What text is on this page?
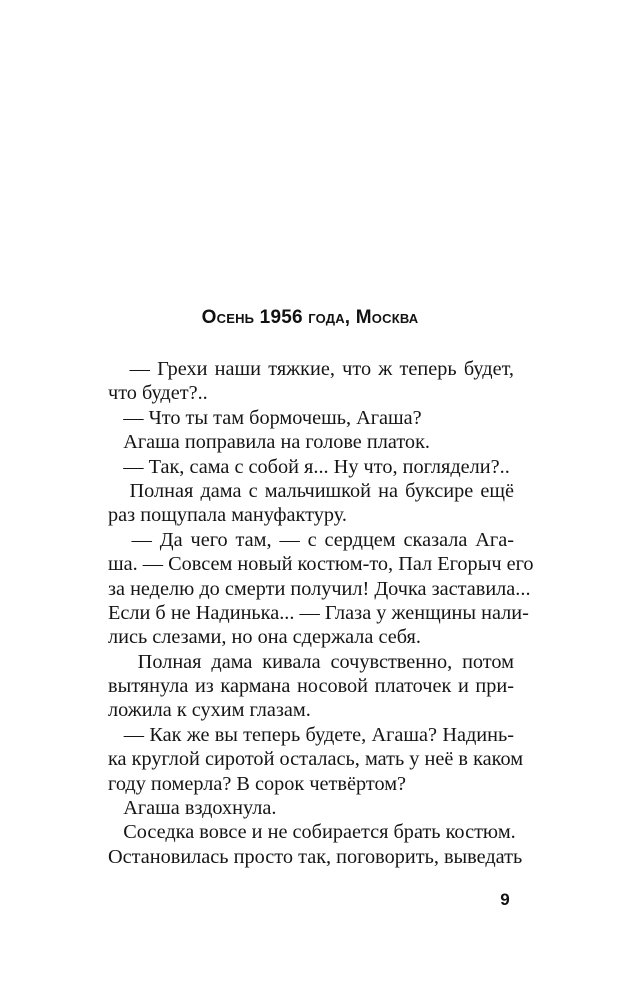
Осень 1956 года, Москва
— Грехи наши тяжкие, что ж теперь будет,
что будет?..
— Что ты там бормочешь, Агаша?
Агаша поправила на голове платок.
— Так, сама с собой я... Ну что, поглядели?..
Полная дама с мальчишкой на буксире ещё
раз пощупала мануфактуру.
— Да чего там, — с сердцем сказала Ага-
ша. — Совсем новый костюм-то, Пал Егорыч его
за неделю до смерти получил! Дочка заставила...
Если б не Надинька... — Глаза у женщины нали-
лись слезами, но она сдержала себя.
Полная дама кивала сочувственно, потом
вытянула из кармана носовой платочек и при-
ложила к сухим глазам.
— Как же вы теперь будете, Агаша? Надинь-
ка круглой сиротой осталась, мать у неё в каком
году померла? В сорок четвёртом?
Агаша вздохнула.
Соседка вовсе и не собирается брать костюм.
Остановилась просто так, поговорить, выведать
9
